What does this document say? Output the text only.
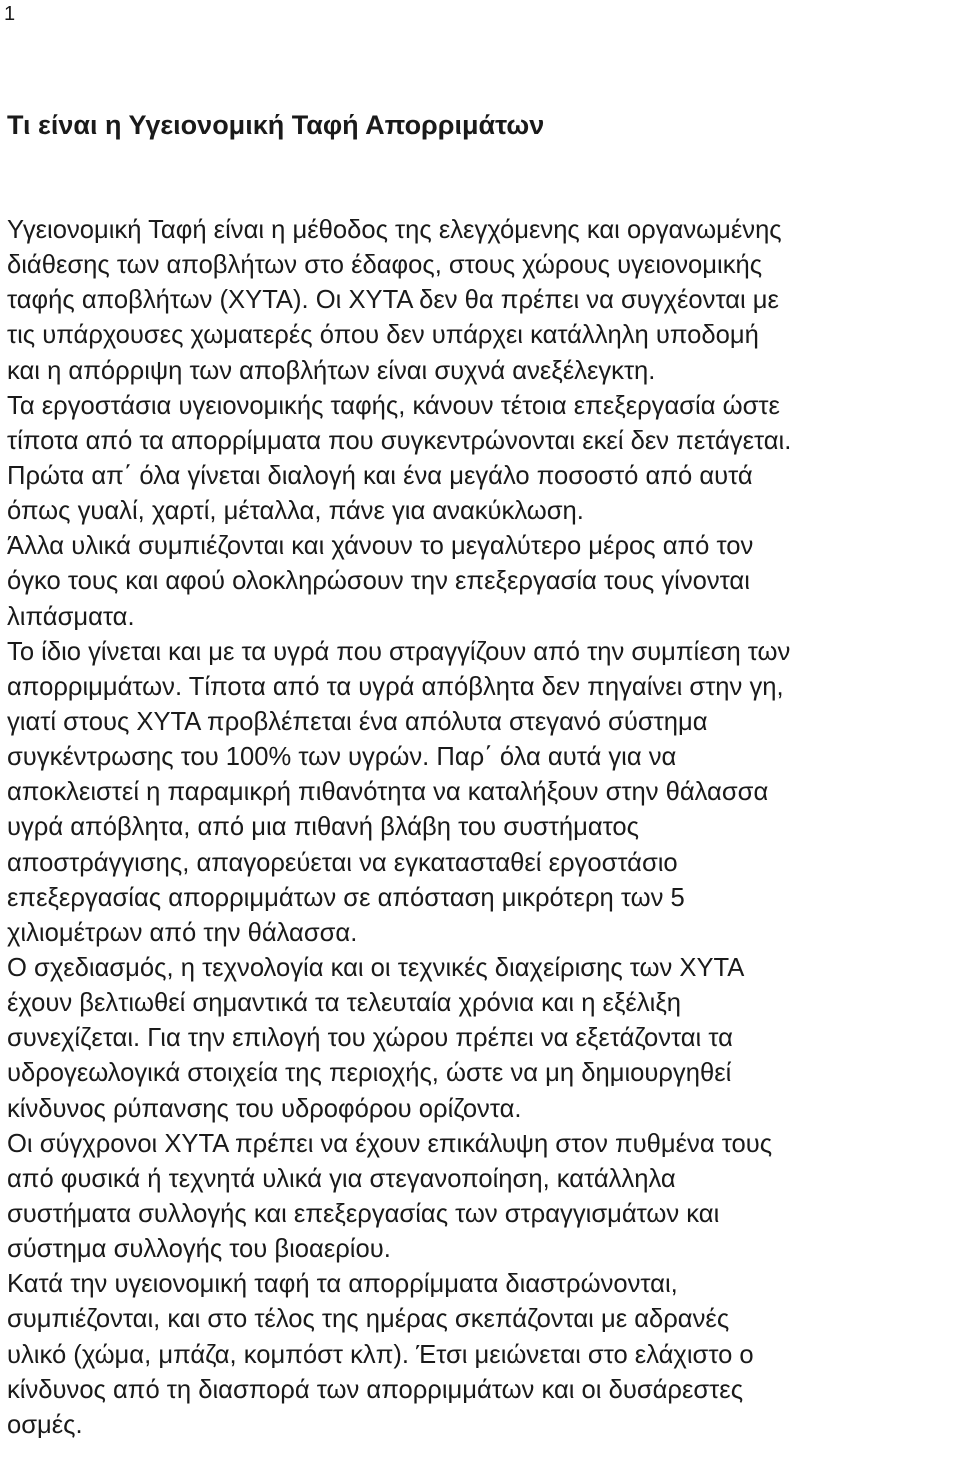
1
Τι είναι η Υγειονομική Ταφή Απορριμάτων
Υγειονομική Ταφή είναι η μέθοδος της ελεγχόμενης και οργανωμένης
διάθεσης των αποβλήτων στο έδαφος, στους χώρους υγειονομικής
ταφής αποβλήτων (ΧΥΤΑ). Οι ΧΥΤΑ δεν θα πρέπει να συγχέονται με
τις υπάρχουσες χωματερές όπου δεν υπάρχει κατάλληλη υποδομή
και η απόρριψη των αποβλήτων είναι συχνά ανεξέλεγκτη.
Τα εργοστάσια υγειονομικής ταφής, κάνουν τέτοια επεξεργασία ώστε
τίποτα από τα απορρίμματα που συγκεντρώνονται εκεί δεν πετάγεται.
Πρώτα απ΄ όλα γίνεται διαλογή και ένα μεγάλο ποσοστό από αυτά
όπως γυαλί, χαρτί, μέταλλα, πάνε για ανακύκλωση.
Άλλα υλικά συμπιέζονται και χάνουν το μεγαλύτερο μέρος από τον
όγκο τους και αφού ολοκληρώσουν την επεξεργασία τους γίνονται
λιπάσματα.
Το ίδιο γίνεται και με τα υγρά που στραγγίζουν από την συμπίεση των
απορριμμάτων. Τίποτα από τα υγρά απόβλητα δεν πηγαίνει στην γη,
γιατί στους ΧΥΤΑ προβλέπεται ένα απόλυτα στεγανό σύστημα
συγκέντρωσης του 100% των υγρών. Παρ΄ όλα αυτά για να
αποκλειστεί η παραμικρή πιθανότητα να καταλήξουν στην θάλασσα
υγρά απόβλητα, από μια πιθανή βλάβη του συστήματος
αποστράγγισης, απαγορεύεται να εγκατασταθεί εργοστάσιο
επεξεργασίας απορριμμάτων σε απόσταση μικρότερη των 5
χιλιομέτρων από την θάλασσα.
Ο σχεδιασμός, η τεχνολογία και οι τεχνικές διαχείρισης των ΧΥΤΑ
έχουν βελτιωθεί σημαντικά τα τελευταία χρόνια και η εξέλιξη
συνεχίζεται. Για την επιλογή του χώρου πρέπει να εξετάζονται τα
υδρογεωλογικά στοιχεία της περιοχής, ώστε να μη δημιουργηθεί
κίνδυνος ρύπανσης του υδροφόρου ορίζοντα.
Οι σύγχρονοι ΧΥΤΑ πρέπει να έχουν επικάλυψη στον πυθμένα τους
από φυσικά ή τεχνητά υλικά για στεγανοποίηση, κατάλληλα
συστήματα συλλογής και επεξεργασίας των στραγγισμάτων και
σύστημα συλλογής του βιοαερίου.
Κατά την υγειονομική ταφή τα απορρίμματα διαστρώνονται,
συμπιέζονται, και στο τέλος της ημέρας σκεπάζονται με αδρανές
υλικό (χώμα, μπάζα, κομπόστ κλπ). Έτσι μειώνεται στο ελάχιστο ο
κίνδυνος από τη διασπορά των απορριμμάτων και οι δυσάρεστες
οσμές.
